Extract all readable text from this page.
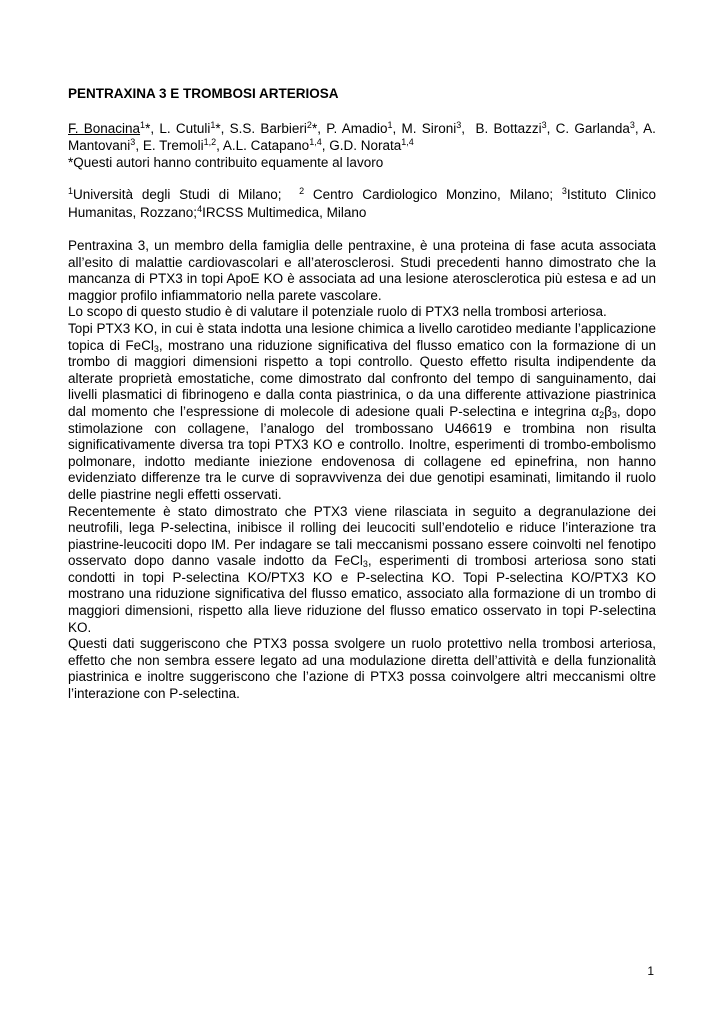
PENTRAXINA 3 E TROMBOSI ARTERIOSA

F. Bonacina$^1$*, L. Cutuli$^1$*, S.S. Barbieri$^2$*, P. Amadio$^1$, M. Sironi$^3$,  B. Bottazzi$^3$, C. Garlanda$^3$, A. Mantovani$^3$, E. Tremoli$^{1,2}$, A.L. Catapano$^{1,4}$, G.D. Norata$^{1,4}$

*Questi autori hanno contribuito equamente al lavoro

$^1$Università degli Studi di Milano;  $^2$ Centro Cardiologico Monzino, Milano; $^3$Istituto Clinico Humanitas, Rozzano;$^4$IRCSS Multimedica, Milano

Pentraxina 3, un membro della famiglia delle pentraxine, è una proteina di fase acuta associata all’esito di malattie cardiovascolari e all’aterosclerosi. Studi precedenti hanno dimostrato che la mancanza di PTX3 in topi ApoE KO è associata ad una lesione aterosclerotica più estesa e ad un maggior profilo infiammatorio nella parete vascolare.

Lo scopo di questo studio è di valutare il potenziale ruolo di PTX3 nella trombosi arteriosa.

Topi PTX3 KO, in cui è stata indotta una lesione chimica a livello carotideo mediante l’applicazione topica di FeCl$_3$, mostrano una riduzione significativa del flusso ematico con la formazione di un trombo di maggiori dimensioni rispetto a topi controllo. Questo effetto risulta indipendente da alterate proprietà emostatiche, come dimostrato dal confronto del tempo di sanguinamento, dai livelli plasmatici di fibrinogeno e dalla conta piastrinica, o da una differente attivazione piastrinica dal momento che l’espressione di molecole di adesione quali P-selectina e integrina $\alpha_2\beta_3$, dopo stimolazione con collagene, l’analogo del trombossano U46619 e trombina non risulta significativamente diversa tra topi PTX3 KO e controllo. Inoltre, esperimenti di trombo-embolismo polmonare, indotto mediante iniezione endovenosa di collagene ed epinefrina, non hanno evidenziato differenze tra le curve di sopravvivenza dei due genotipi esaminati, limitando il ruolo delle piastrine negli effetti osservati.

Recentemente è stato dimostrato che PTX3 viene rilasciata in seguito a degranulazione dei neutrofili, lega P-selectina, inibisce il rolling dei leucociti sull’endotelio e riduce l’interazione tra piastrine-leucociti dopo IM. Per indagare se tali meccanismi possano essere coinvolti nel fenotipo osservato dopo danno vasale indotto da FeCl$_3$, esperimenti di trombosi arteriosa sono stati condotti in topi P-selectina KO/PTX3 KO e P-selectina KO. Topi P-selectina KO/PTX3 KO mostrano una riduzione significativa del flusso ematico, associato alla formazione di un trombo di maggiori dimensioni, rispetto alla lieve riduzione del flusso ematico osservato in topi P-selectina KO.

Questi dati suggeriscono che PTX3 possa svolgere un ruolo protettivo nella trombosi arteriosa, effetto che non sembra essere legato ad una modulazione diretta dell’attività e della funzionalità piastrinica e inoltre suggeriscono che l’azione di PTX3 possa coinvolgere altri meccanismi oltre l’interazione con P-selectina.

1
